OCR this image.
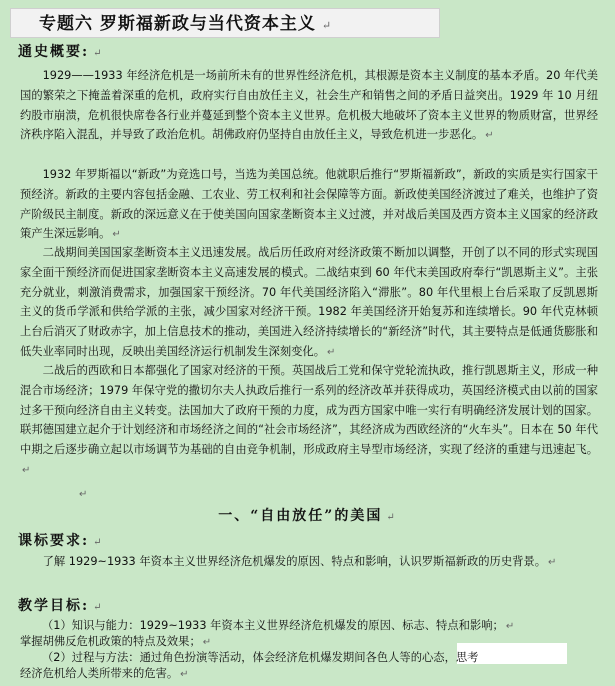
专题六 罗斯福新政与当代资本主义 ↵
通史概要: ↵

1929——1933 年经济危机是一场前所未有的世界性经济危机，其根源是资本主义制度的基本矛盾。20 年代美国的繁荣之下掩盖着深重的危机，政府实行自由放任主义，社会生产和销售之间的矛盾日益突出。1929 年 10 月纽约股市崩溃，危机很快席卷各行业并蔓延到整个资本主义世界。危机极大地破坏了资本主义世界的物质财富，世界经济秩序陷入混乱，并导致了政治危机。胡佛政府仍坚持自由放任主义，导致危机进一步恶化。 ↵

1932 年罗斯福以“新政”为竞选口号，当选为美国总统。他就职后推行“罗斯福新政”，新政的实质是实行国家干预经济。新政的主要内容包括金融、工农业、劳工权利和社会保障等方面。新政使美国经济渡过了难关，也维护了资产阶级民主制度。新政的深远意义在于使美国向国家垄断资本主义过渡，并对战后美国及西方资本主义国家的经济政策产生深远影响。 ↵

二战期间美国国家垄断资本主义迅速发展。战后历任政府对经济政策不断加以调整，开创了以不同的形式实现国家全面干预经济而促进国家垄断资本主义高速发展的模式。二战结束到 60 年代末美国政府奉行“凯恩斯主义”。主张充分就业，刺激消费需求，加强国家干预经济。70 年代美国经济陷入“滞胀”。80 年代里根上台后采取了反凯恩斯主义的货币学派和供给学派的主张，减少国家对经济干预。1982 年美国经济开始复苏和连续增长。90 年代克林顿上台后消灭了财政赤字，加上信息技术的推动，美国进入经济持续增长的“新经济”时代，其主要特点是低通货膨胀和低失业率同时出现，反映出美国经济运行机制发生深刻变化。 ↵

二战后的西欧和日本都强化了国家对经济的干预。英国战后工党和保守党轮流执政，推行凯恩斯主义，形成一种混合市场经济；1979 年保守党的撒切尔夫人执政后推行一系列的经济改革并获得成功，英国经济模式由以前的国家过多干预向经济自由主义转变。法国加大了政府干预的力度，成为西方国家中唯一实行有明确经济发展计划的国家。联邦德国建立起介于计划经济和市场经济之间的“社会市场经济”，其经济成为西欧经济的“火车头”。日本在 50 年代中期之后逐步确立起以市场调节为基础的自由竞争机制，形成政府主导型市场经济，实现了经济的重建与迅速起飞。↵

↵
一、“自由放任”的美国 ↵
课标要求: ↵

了解 1929~1933 年资本主义世界经济危机爆发的原因、特点和影响，认识罗斯福新政的历史背景。 ↵

教学目标: ↵
（1）知识与能力：1929~1933 年资本主义世界经济危机爆发的原因、标志、特点和影响； ↵
掌握胡佛反危机政策的特点及效果； ↵
（2）过程与方法：通过角色扮演等活动，体会经济危机爆发期间各色人等的心态，思考
经济危机给人类所带来的危害。 ↵
